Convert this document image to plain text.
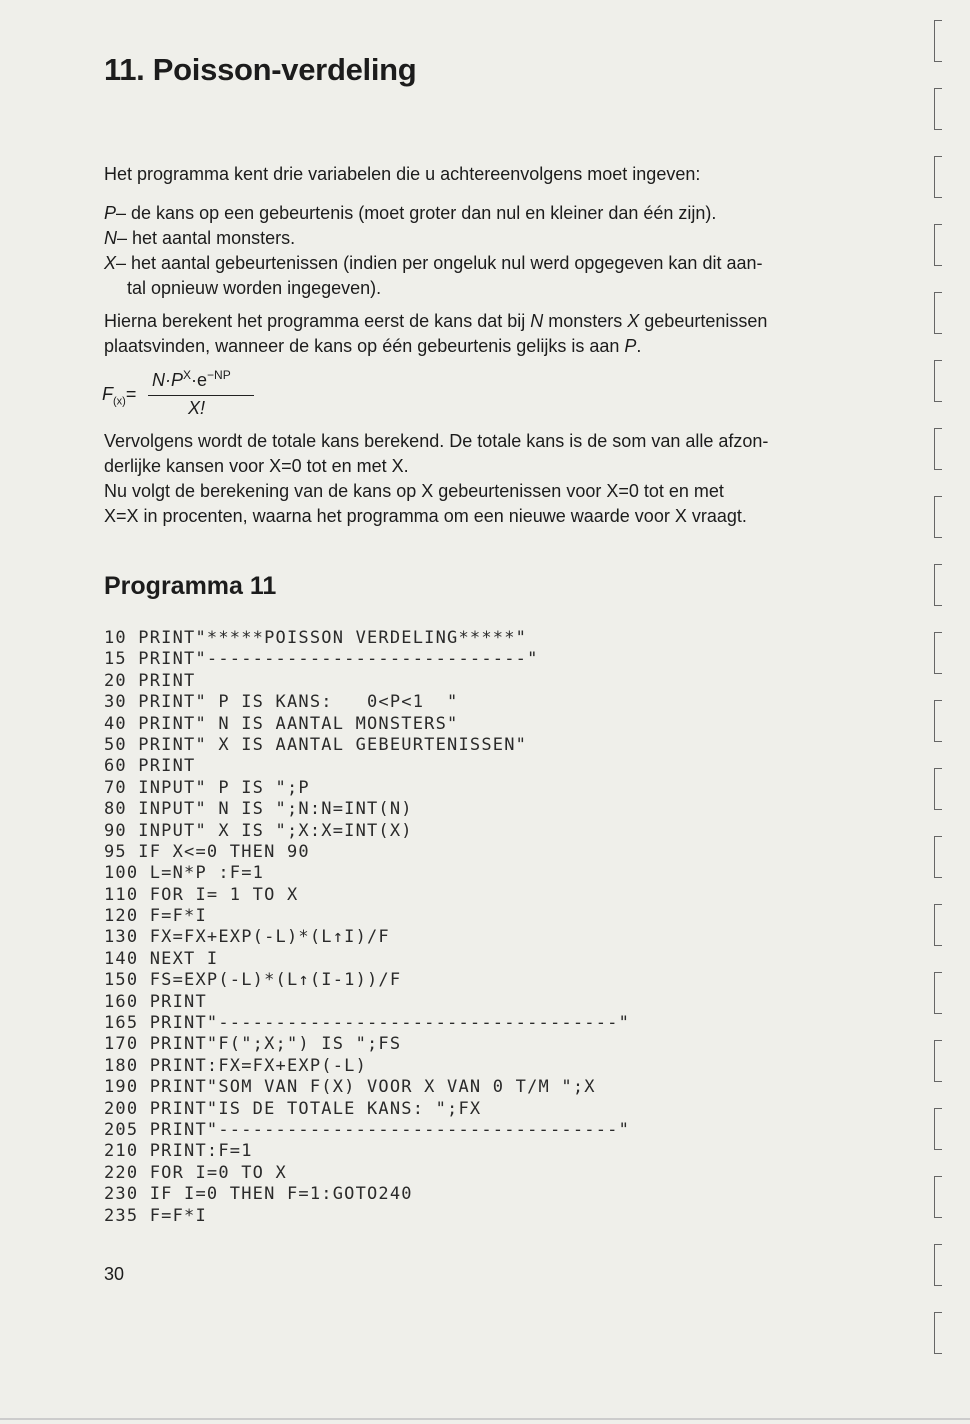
11. Poisson-verdeling

Het programma kent drie variabelen die u achtereenvolgens moet ingeven:

P– de kans op een gebeurtenis (moet groter dan nul en kleiner dan één zijn).
N– het aantal monsters.
X– het aantal gebeurtenissen (indien per ongeluk nul werd opgegeven kan dit aan-
tal opnieuw worden ingegeven).
Hierna berekent het programma eerst de kans dat bij N monsters X gebeurtenissen
plaatsvinden, wanneer de kans op één gebeurtenis gelijks is aan P.
$F_{(x)}=$
$N\cdot P^X\cdot e^{-NP}$
X!
Vervolgens wordt de totale kans berekend. De totale kans is de som van alle afzon-
derlijke kansen voor X=0 tot en met X.
Nu volgt de berekening van de kans op X gebeurtenissen voor X=0 tot en met
X=X in procenten, waarna het programma om een nieuwe waarde voor X vraagt.
Programma 11
10 PRINT"*****POISSON VERDELING*****"
15 PRINT"----------------------------"
20 PRINT
30 PRINT" P IS KANS:   0<P<1  "
40 PRINT" N IS AANTAL MONSTERS"
50 PRINT" X IS AANTAL GEBEURTENISSEN"
60 PRINT
70 INPUT" P IS ";P
80 INPUT" N IS ";N:N=INT(N)
90 INPUT" X IS ";X:X=INT(X)
95 IF X<=0 THEN 90
100 L=N*P :F=1
110 FOR I= 1 TO X
120 F=F*I
130 FX=FX+EXP(-L)*(L↑I)/F
140 NEXT I
150 FS=EXP(-L)*(L↑(I-1))/F
160 PRINT
165 PRINT"-----------------------------------"
170 PRINT"F(";X;") IS ";FS
180 PRINT:FX=FX+EXP(-L)
190 PRINT"SOM VAN F(X) VOOR X VAN 0 T/M ";X
200 PRINT"IS DE TOTALE KANS: ";FX
205 PRINT"-----------------------------------"
210 PRINT:F=1
220 FOR I=0 TO X
230 IF I=0 THEN F=1:GOTO240
235 F=F*I

30
